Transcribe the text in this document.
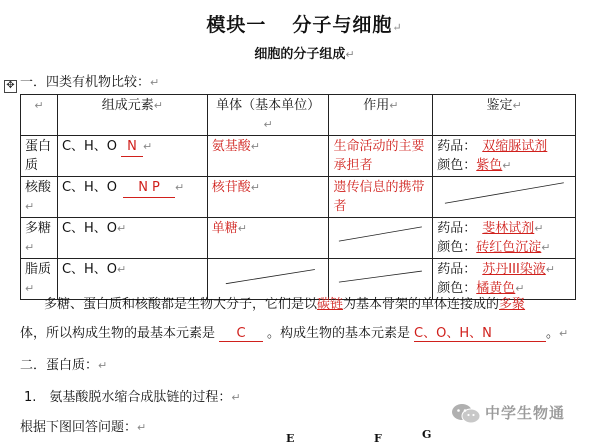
模块一 分子与细胞↵
细胞的分子组成↵
✥ 一．四类有机物比较：↵
↵	组成元素↵	单体（基本单位）↵	作用↵	鉴定↵
蛋白质	C、H、O N ↵	氨基酸↵	生命活动的主要承担者	药品： 双缩脲试剂
颜色：紫色↵

核酸↵	C、H、O N P ↵	核苷酸↵	遗传信息的携带者	

多糖↵	C、H、O↵	单糖↵		药品： 斐林试剂↵
颜色：砖红色沉淀↵

脂质↵	C、H、O↵			药品： 苏丹III染液↵
颜色：橘黄色↵
多糖、蛋白质和核酸都是生物大分子，它们是以碳链为基本骨架的单体连接成的多聚
体，所以构成生物的最基本元素是 C 。构成生物的基本元素是 C、O、H、N	。↵
二．蛋白质：↵
1.　氨基酸脱水缩合成肽链的过程：↵
根据下图回答问题：↵
E	F	G
中学生物通
